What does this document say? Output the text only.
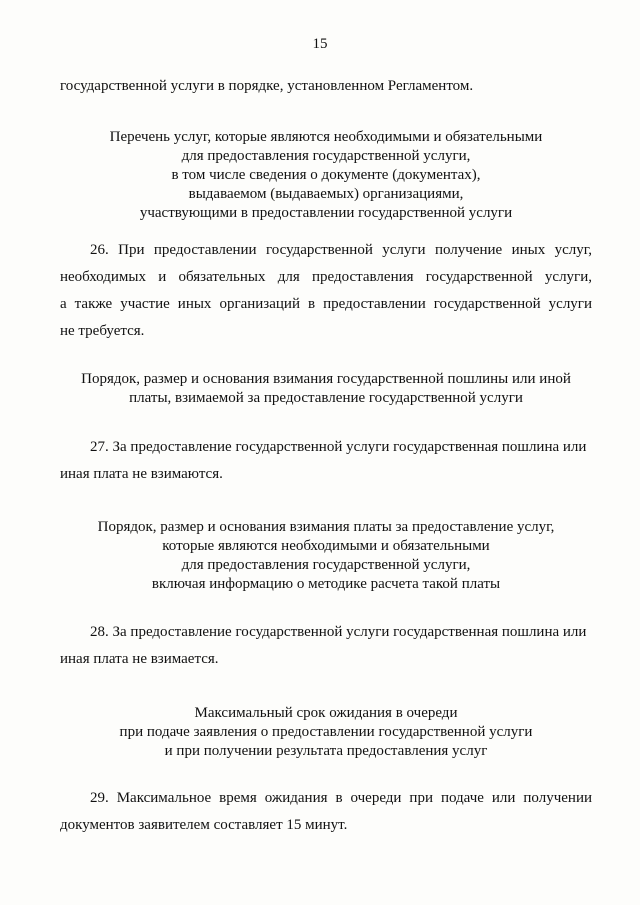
15
государственной услуги в порядке, установленном Регламентом.
Перечень услуг, которые являются необходимыми и обязательными
для предоставления государственной услуги,
в том числе сведения о документе (документах),
выдаваемом (выдаваемых) организациями,
участвующими в предоставлении государственной услуги
26. При предоставлении государственной услуги получение иных услуг,
необходимых и обязательных для предоставления государственной услуги,
а также участие иных организаций в предоставлении государственной услуги
не требуется.
Порядок, размер и основания взимания государственной пошлины или иной
платы, взимаемой за предоставление государственной услуги
27. За предоставление государственной услуги государственная пошлина или
иная плата не взимаются.
Порядок, размер и основания взимания платы за предоставление услуг,
которые являются необходимыми и обязательными
для предоставления государственной услуги,
включая информацию о методике расчета такой платы
28. За предоставление государственной услуги государственная пошлина или
иная плата не взимается.
Максимальный срок ожидания в очереди
при подаче заявления о предоставлении государственной услуги
и при получении результата предоставления услуг
29. Максимальное время ожидания в очереди при подаче или получении
документов заявителем составляет 15 минут.
